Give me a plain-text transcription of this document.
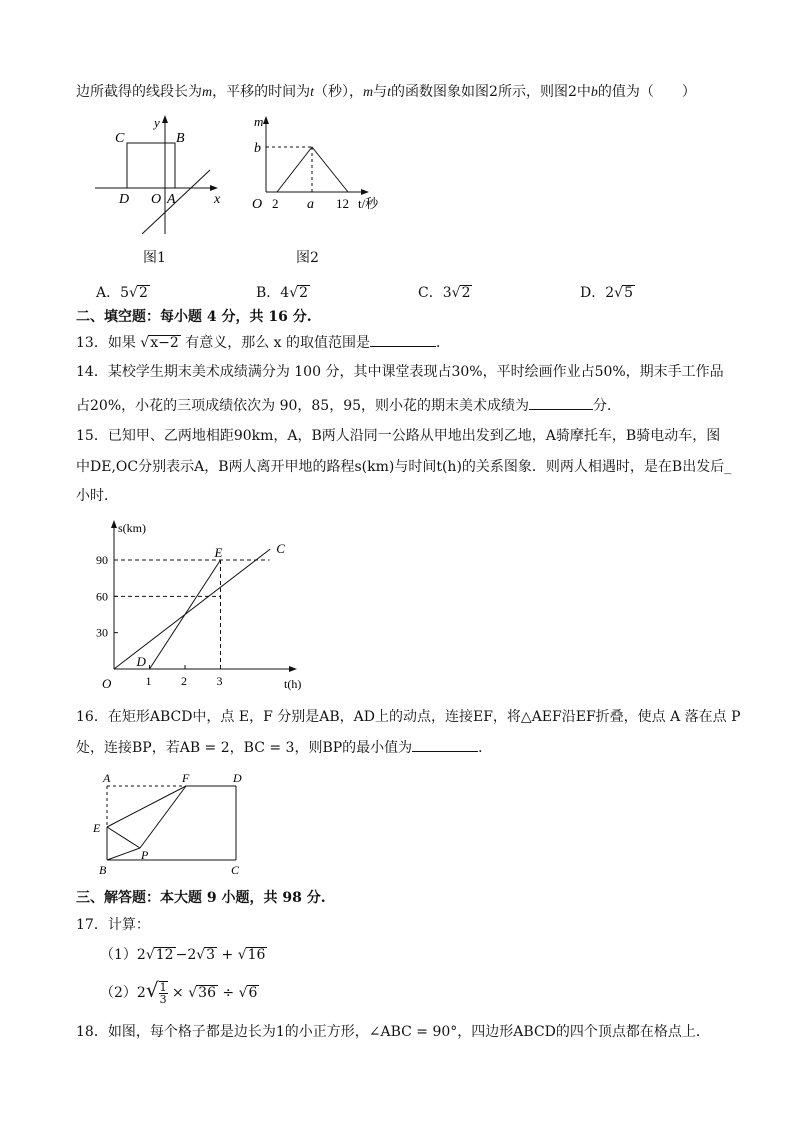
边所截得的线段长为m，平移的时间为t（秒），m与t的函数图象如图2所示，则图2中b的值为（　　）
C	B
y
D O A	x
图1
m
b
O 2 a 12 t/秒
图2
A．5√2	B．4√2	C．3√2	D．2√5
二、填空题：每小题 4 分，共 16 分.
13．如果 √x−2 有意义，那么 x 的取值范围是	．
14．某校学生期末美术成绩满分为 100 分，其中课堂表现占30%，平时绘画作业占50%，期末手工作品
占20%，小花的三项成绩依次为 90，85，95，则小花的期末美术成绩为	分．
15．已知甲、乙两地相距90km，A，B两人沿同一公路从甲地出发到乙地，A骑摩托车，B骑电动车，图
中DE,OC分别表示A，B两人离开甲地的路程s(km)与时间t(h)的关系图象．则两人相遇时，是在B出发后_
小时．
s(km)
t(h)
O	1 2 3
30
60
90
C
E
D
16．在矩形ABCD中，点 E，F 分别是AB，AD上的动点，连接EF，将△AEF沿EF折叠，使点 A 落在点 P
处，连接BP，若AB = 2，BC = 3，则BP的最小值为	．
A	F	D
E
B
P
C
三、解答题：本大题 9 小题，共 98 分.
17．计算：
（1）2√12 −2√3 + √16
$(2)2√ \frac{1}{3} \times √36 \div √6$
18．如图，每个格子都是边长为1的小正方形，∠ABC = 90°，四边形ABCD的四个顶点都在格点上．
